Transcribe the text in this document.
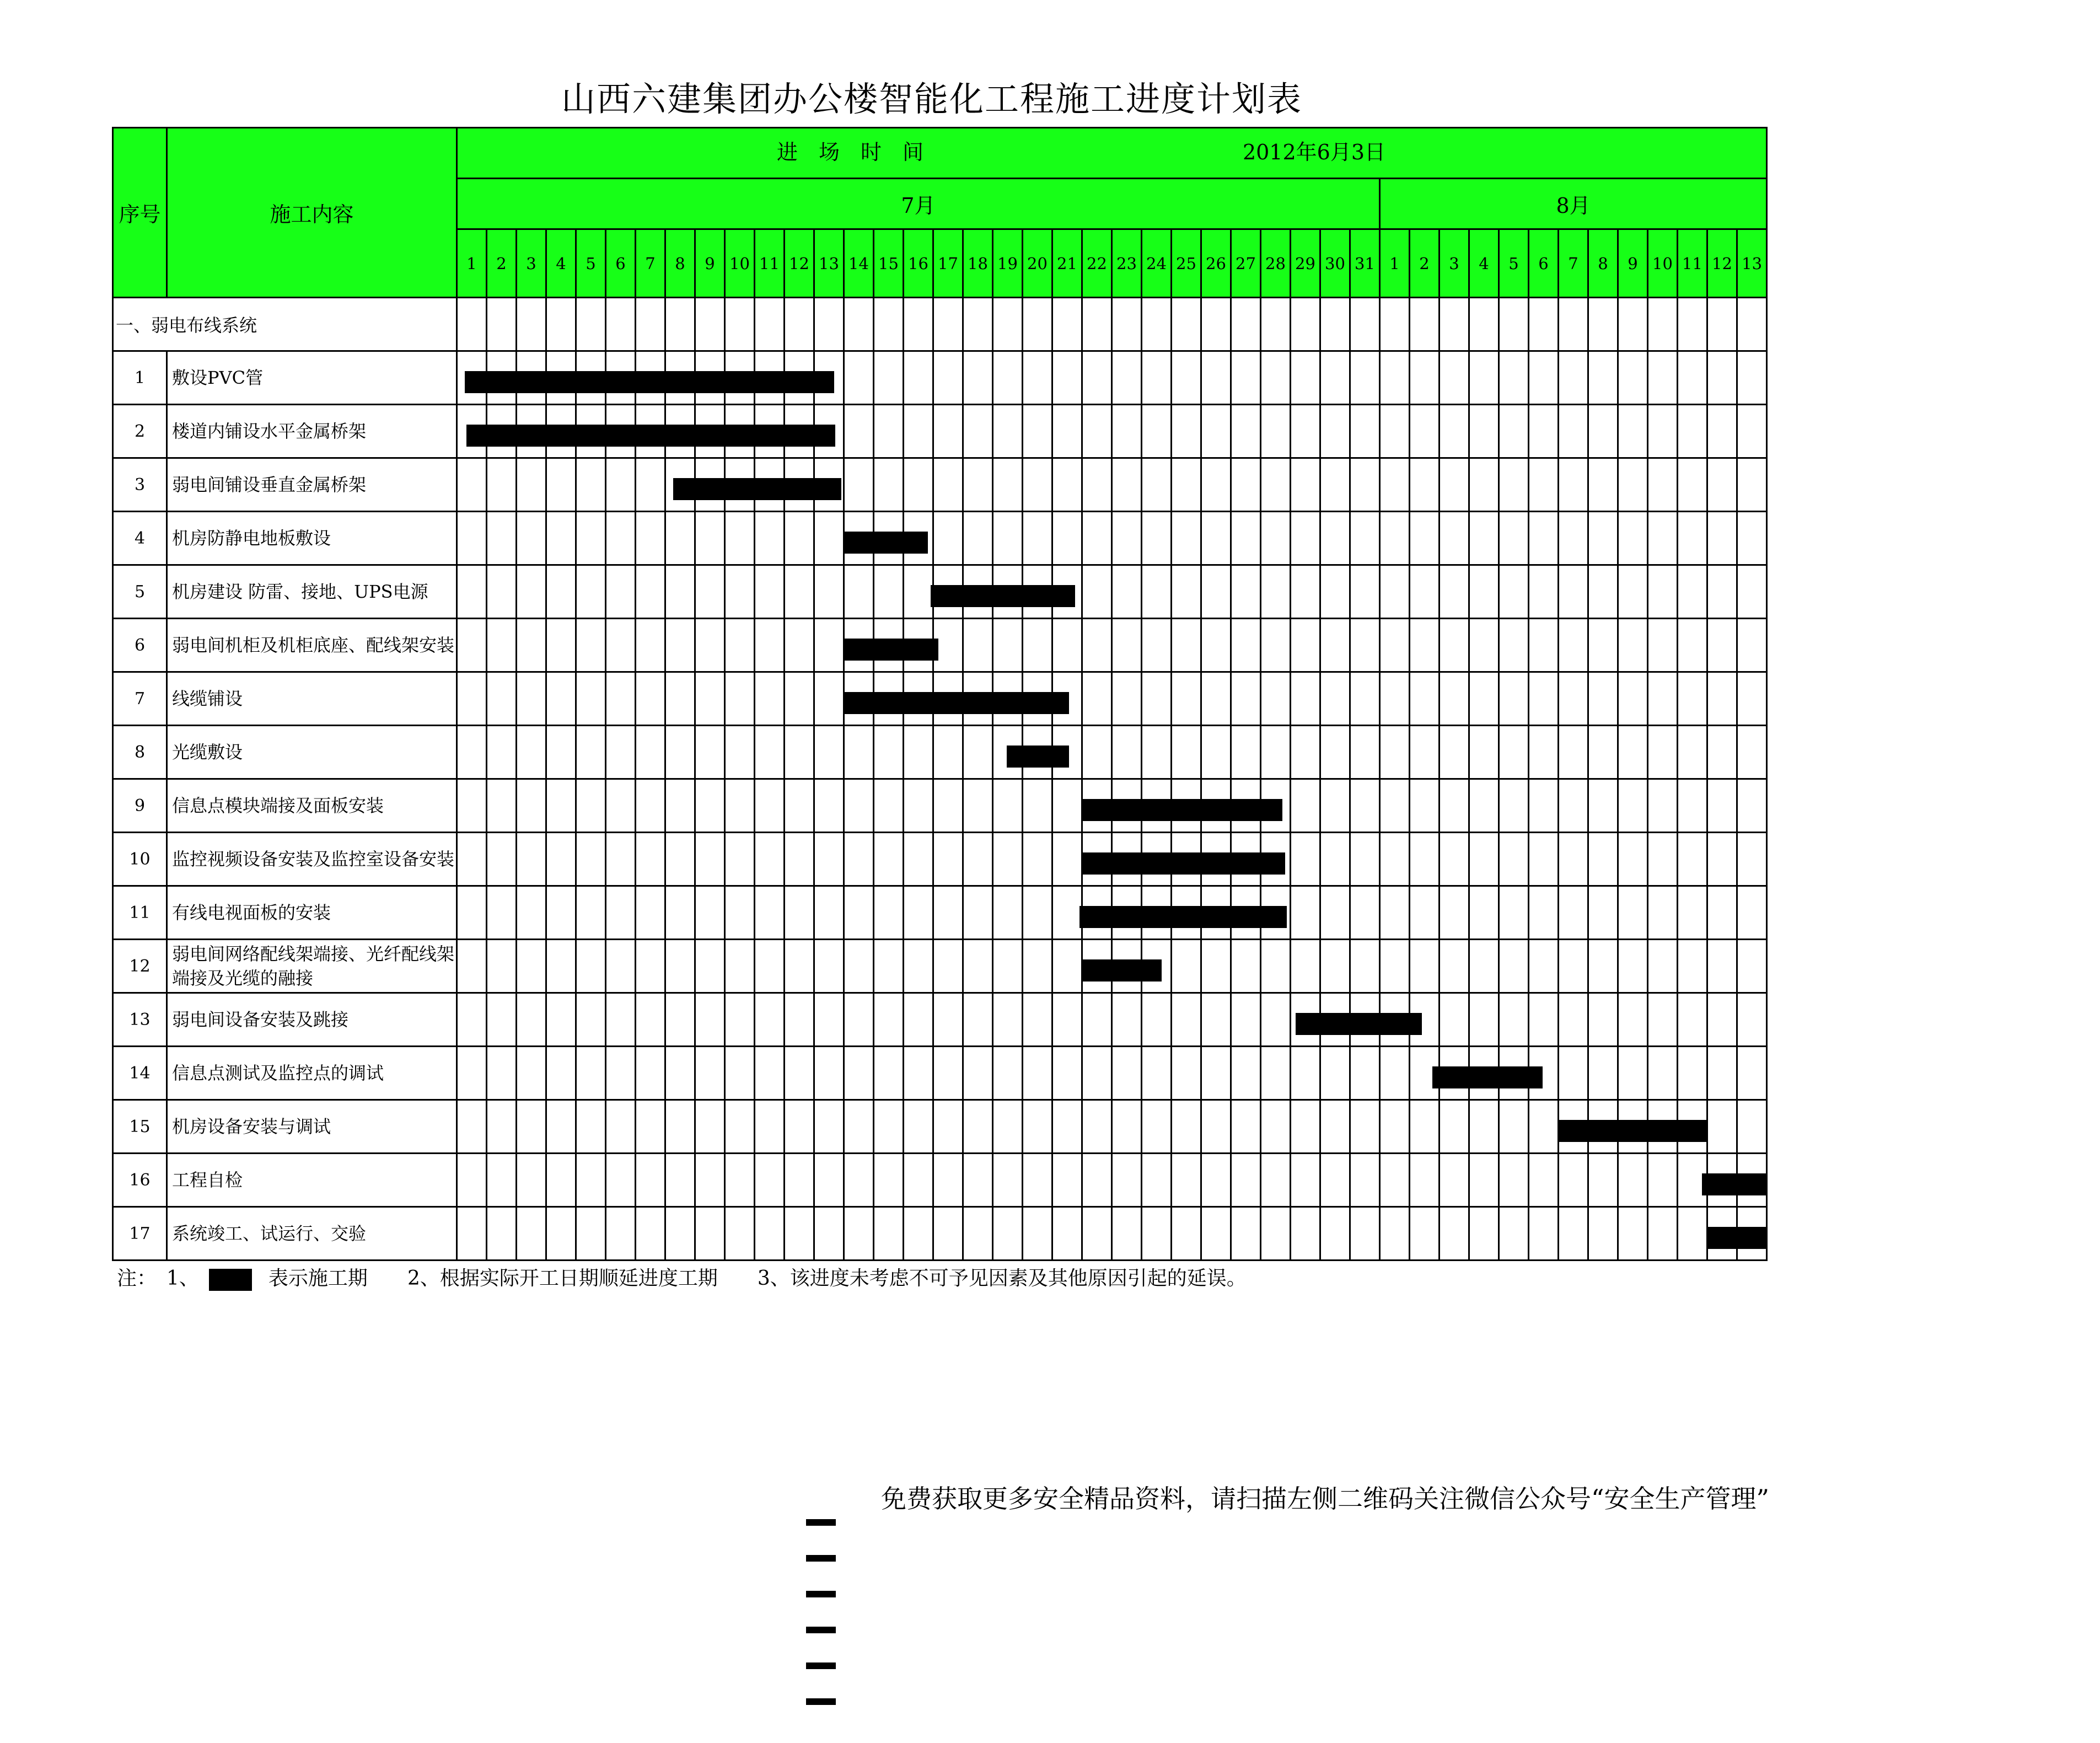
山西六建集团办公楼智能化工程施工进度计划表
序号	施工内容	进　场　时　间 2012年6月3日																																											

		7月																															8月												
		1	2	3	4	5	6	7	8	9	10	11	12	13	14	15	16	17	18	19	20	21	22	23	24	25	26	27	28	29	30	31	1	2	3	4	5	6	7	8	9	10	11	12	13
一、弱电布线系统																																													
1	敷设PVC管																																												
2	楼道内铺设水平金属桥架																																												
3	弱电间铺设垂直金属桥架																																												
4	机房防静电地板敷设																																												
5	机房建设 防雷、接地、UPS电源																																												
6	弱电间机柜及机柜底座、配线架安装																																												
7	线缆铺设																																												
8	光缆敷设																																												
9	信息点模块端接及面板安装																																												
10	监控视频设备安装及监控室设备安装																																												
11	有线电视面板的安装																																												
12	弱电间网络配线架端接、光纤配线架端接及光缆的融接																																												
13	弱电间设备安装及跳接																																												
14	信息点测试及监控点的调试																																												
15	机房设备安装与调试																																												
16	工程自检																																												
17	系统竣工、试运行、交验																																												
注：　1、	表示施工期　　 2、根据实际开工日期顺延进度工期　　 3、该进度未考虑不可予见因素及其他原因引起的延误。
免费获取更多安全精品资料，请扫描左侧二维码关注微信公众号“安全生产管理”
